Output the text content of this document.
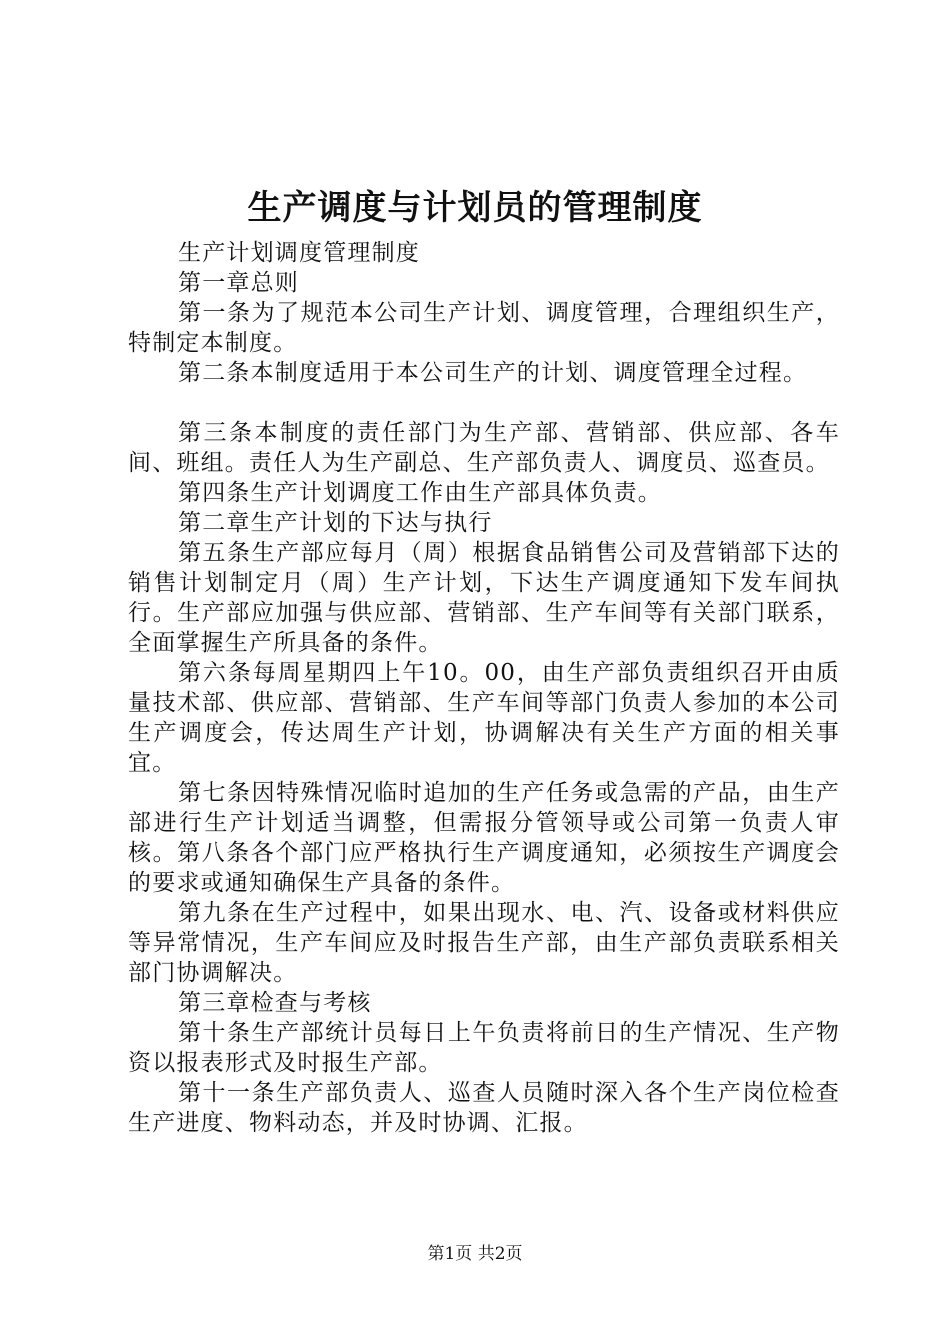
生产调度与计划员的管理制度

生产计划调度管理制度

第一章总则

第一条为了规范本公司生产计划、调度管理，合理组织生产，特制定本制度。

第二条本制度适用于本公司生产的计划、调度管理全过程。

第三条本制度的责任部门为生产部、营销部、供应部、各车间、班组。责任人为生产副总、生产部负责人、调度员、巡查员。

第四条生产计划调度工作由生产部具体负责。

第二章生产计划的下达与执行

第五条生产部应每月（周）根据食品销售公司及营销部下达的销售计划制定月（周）生产计划，下达生产调度通知下发车间执行。生产部应加强与供应部、营销部、生产车间等有关部门联系，全面掌握生产所具备的条件。

第六条每周星期四上午10。00，由生产部负责组织召开由质量技术部、供应部、营销部、生产车间等部门负责人参加的本公司生产调度会，传达周生产计划，协调解决有关生产方面的相关事宜。

第七条因特殊情况临时追加的生产任务或急需的产品，由生产部进行生产计划适当调整，但需报分管领导或公司第一负责人审核。第八条各个部门应严格执行生产调度通知，必须按生产调度会的要求或通知确保生产具备的条件。

第九条在生产过程中，如果出现水、电、汽、设备或材料供应等异常情况，生产车间应及时报告生产部，由生产部负责联系相关部门协调解决。

第三章检查与考核

第十条生产部统计员每日上午负责将前日的生产情况、生产物资以报表形式及时报生产部。

第十一条生产部负责人、巡查人员随时深入各个生产岗位检查生产进度、物料动态，并及时协调、汇报。

第1页 共2页
